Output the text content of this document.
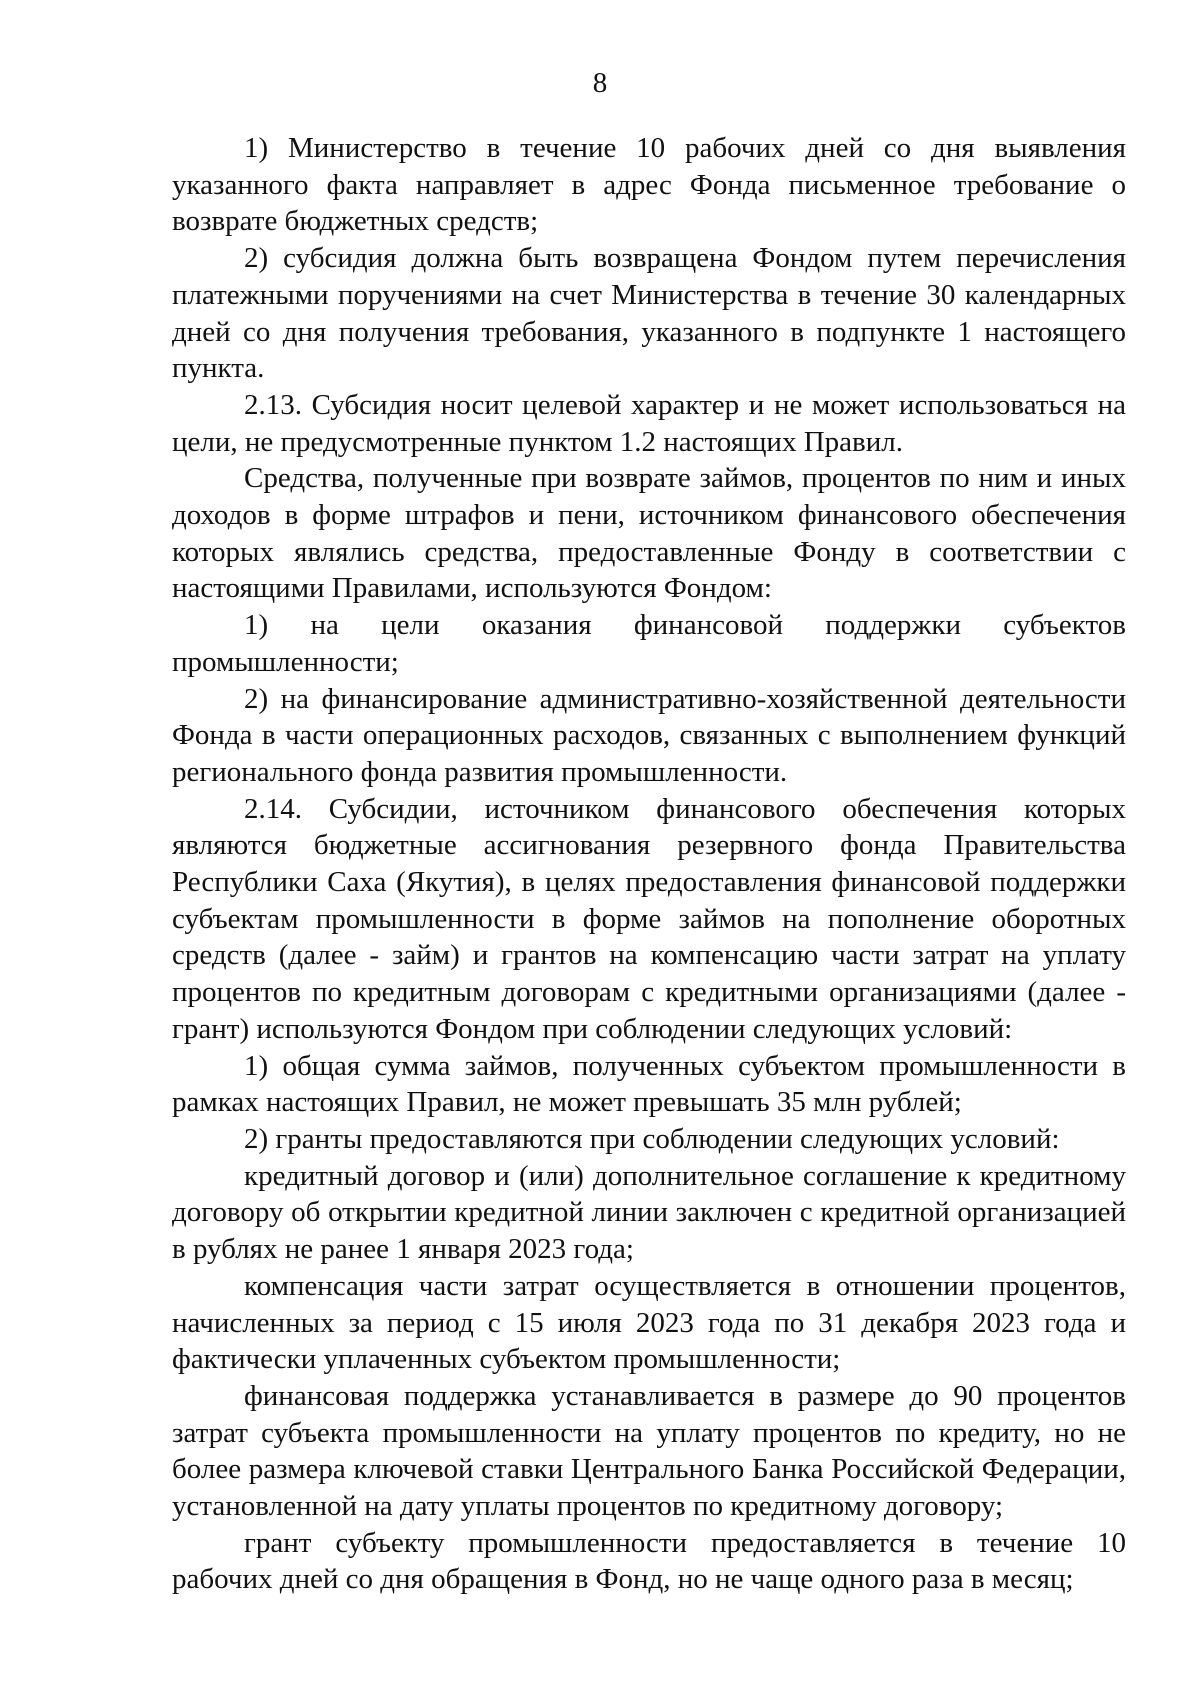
8

1) Министерство в течение 10 рабочих дней со дня выявления указанного факта направляет в адрес Фонда письменное требование о возврате бюджетных средств;

2) субсидия должна быть возвращена Фондом путем перечисления платежными поручениями на счет Министерства в течение 30 календарных дней со дня получения требования, указанного в подпункте 1 настоящего пункта.

2.13. Субсидия носит целевой характер и не может использоваться на цели, не предусмотренные пунктом 1.2 настоящих Правил.

Средства, полученные при возврате займов, процентов по ним и иных доходов в форме штрафов и пени, источником финансового обеспечения которых являлись средства, предоставленные Фонду в соответствии с настоящими Правилами, используются Фондом:

1) на цели оказания финансовой поддержки субъектов промышленности;

2) на финансирование административно-хозяйственной деятельности Фонда в части операционных расходов, связанных с выполнением функций регионального фонда развития промышленности.

2.14. Субсидии, источником финансового обеспечения которых являются бюджетные ассигнования резервного фонда Правительства Республики Саха (Якутия), в целях предоставления финансовой поддержки субъектам промышленности в форме займов на пополнение оборотных средств (далее - займ) и грантов на компенсацию части затрат на уплату процентов по кредитным договорам с кредитными организациями (далее - грант) используются Фондом при соблюдении следующих условий:

1) общая сумма займов, полученных субъектом промышленности в рамках настоящих Правил, не может превышать 35 млн рублей;

2) гранты предоставляются при соблюдении следующих условий:

кредитный договор и (или) дополнительное соглашение к кредитному договору об открытии кредитной линии заключен с кредитной организацией в рублях не ранее 1 января 2023 года;

компенсация части затрат осуществляется в отношении процентов, начисленных за период с 15 июля 2023 года по 31 декабря 2023 года и фактически уплаченных субъектом промышленности;

финансовая поддержка устанавливается в размере до 90 процентов затрат субъекта промышленности на уплату процентов по кредиту, но не более размера ключевой ставки Центрального Банка Российской Федерации, установленной на дату уплаты процентов по кредитному договору;

грант субъекту промышленности предоставляется в течение 10 рабочих дней со дня обращения в Фонд, но не чаще одного раза в месяц;
